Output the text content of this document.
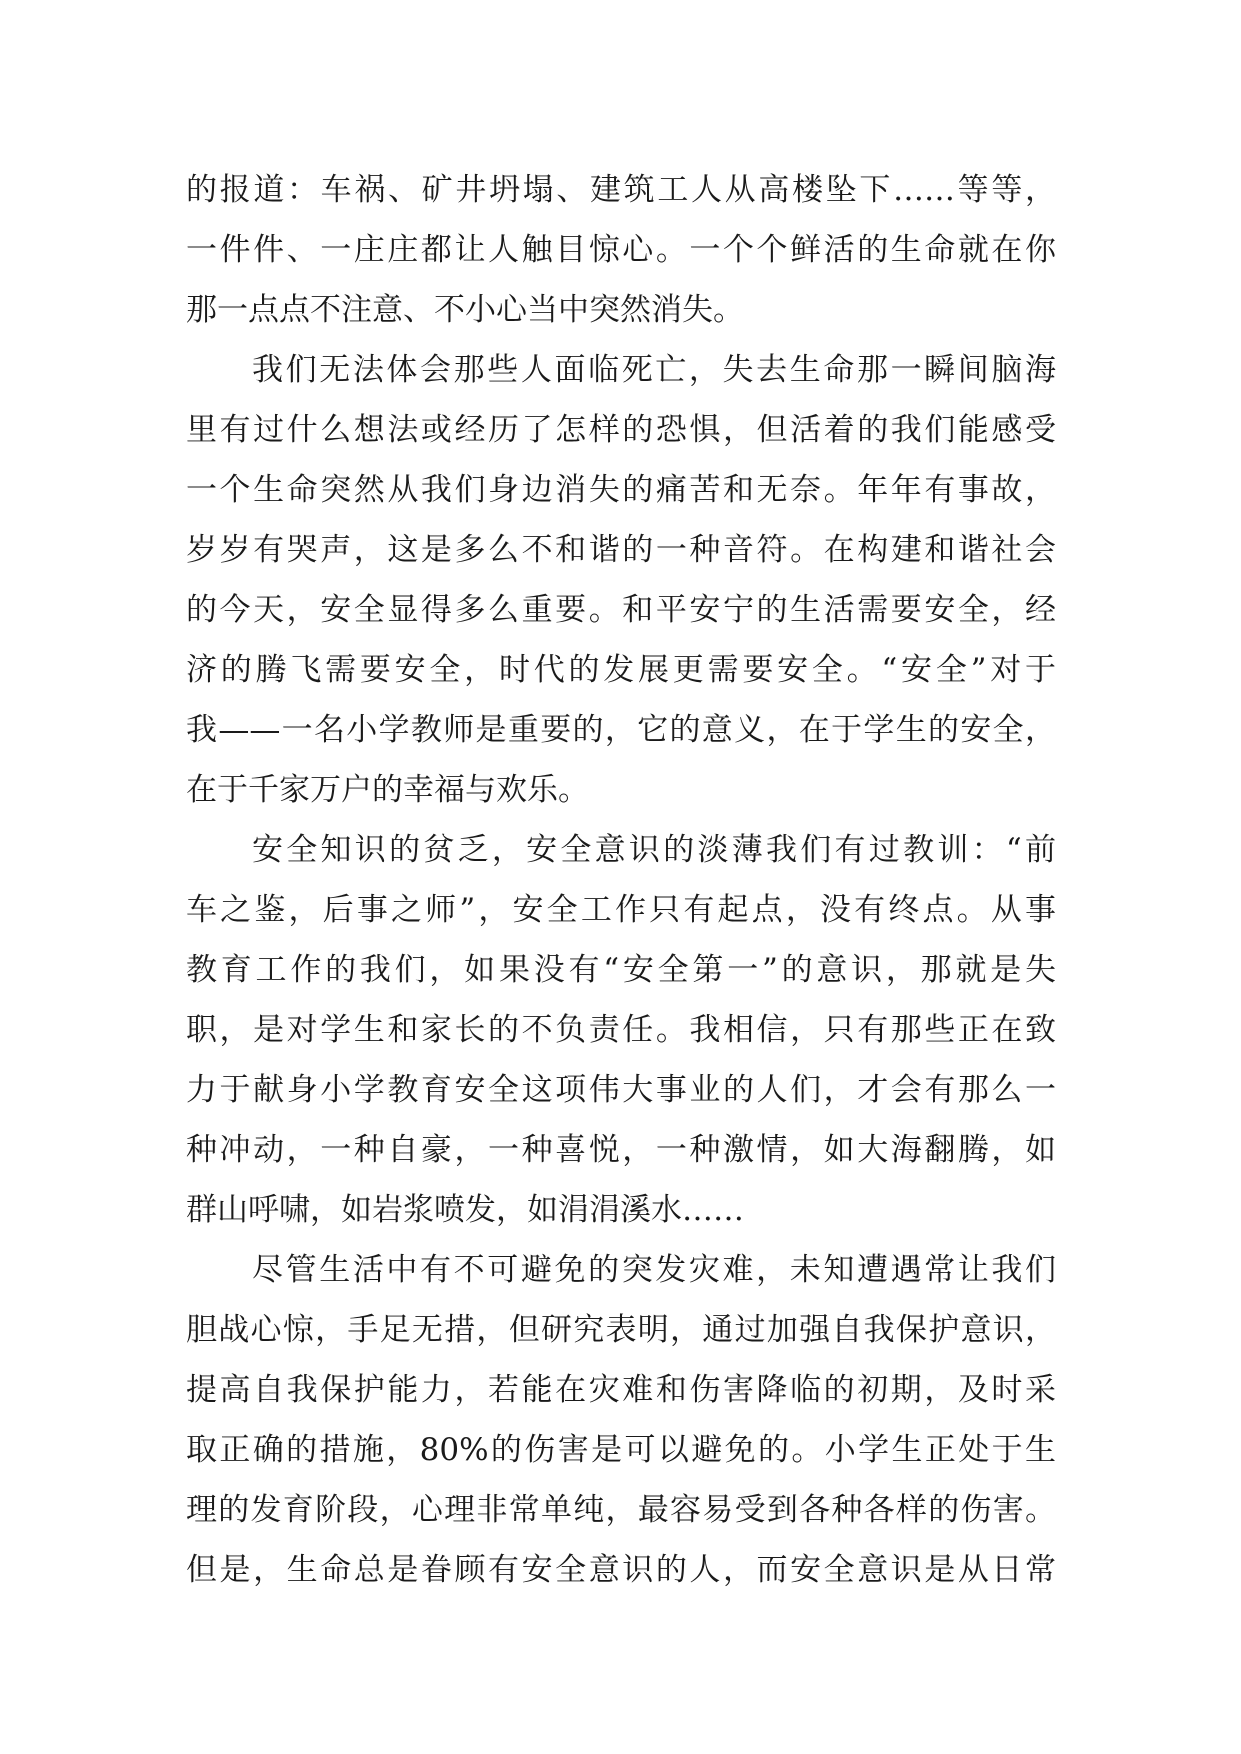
的报道：车祸、矿井坍塌、建筑工人从高楼坠下……等等，
一件件、一庄庄都让人触目惊心。一个个鲜活的生命就在你
那一点点不注意、不小心当中突然消失。
我们无法体会那些人面临死亡，失去生命那一瞬间脑海
里有过什么想法或经历了怎样的恐惧，但活着的我们能感受
一个生命突然从我们身边消失的痛苦和无奈。年年有事故，
岁岁有哭声，这是多么不和谐的一种音符。在构建和谐社会
的今天，安全显得多么重要。和平安宁的生活需要安全，经
济的腾飞需要安全，时代的发展更需要安全。“安全”对于
我——一名小学教师是重要的，它的意义，在于学生的安全，
在于千家万户的幸福与欢乐。
安全知识的贫乏，安全意识的淡薄我们有过教训：“前
车之鉴，后事之师”，安全工作只有起点，没有终点。从事
教育工作的我们，如果没有“安全第一”的意识，那就是失
职，是对学生和家长的不负责任。我相信，只有那些正在致
力于献身小学教育安全这项伟大事业的人们，才会有那么一
种冲动，一种自豪，一种喜悦，一种激情，如大海翻腾，如
群山呼啸，如岩浆喷发，如涓涓溪水……
尽管生活中有不可避免的突发灾难，未知遭遇常让我们
胆战心惊，手足无措，但研究表明，通过加强自我保护意识，
提高自我保护能力，若能在灾难和伤害降临的初期，及时采
取正确的措施，80%的伤害是可以避免的。小学生正处于生
理的发育阶段，心理非常单纯，最容易受到各种各样的伤害。
但是，生命总是眷顾有安全意识的人，而安全意识是从日常
